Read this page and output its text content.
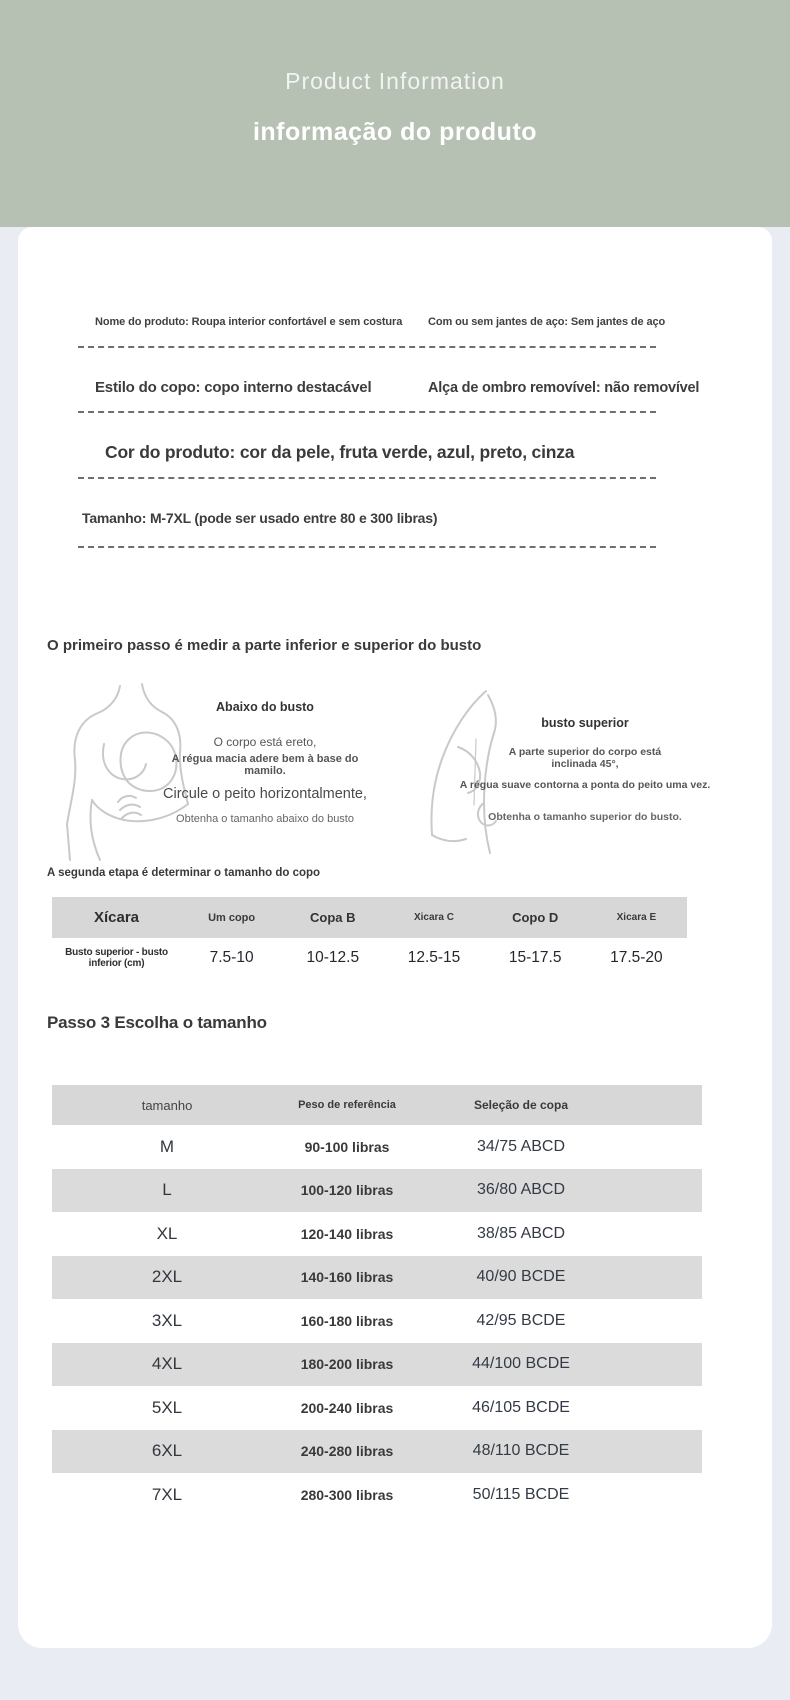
Product Information
informação do produto
Nome do produto: Roupa interior confortável e sem costura Com ou sem jantes de aço: Sem jantes de aço
Estilo do copo: copo interno destacável	Alça de ombro removível: não removível
Cor do produto: cor da pele, fruta verde, azul, preto, cinza
Tamanho: M-7XL (pode ser usado entre 80 e 300 libras)
O primeiro passo é medir a parte inferior e superior do busto
Abaixo do busto
O corpo está ereto,
A régua macia adere bem à base do mamilo.
Circule o peito horizontalmente,
Obtenha o tamanho abaixo do busto
busto superior
A parte superior do corpo está inclinada 45°,
A régua suave contorna a ponta do peito uma vez.
Obtenha o tamanho superior do busto.
A segunda etapa é determinar o tamanho do copo
Xícara	Um copo	Copa B	Xicara C	Copo D	Xicara E
Busto superior - busto inferior (cm)	7.5-10	10-12.5	12.5-15	15-17.5	17.5-20
Passo 3 Escolha o tamanho
tamanho	Peso de referência	Seleção de copa
M	90-100 libras	34/75 ABCD
L	100-120 libras	36/80 ABCD
XL	120-140 libras	38/85 ABCD
2XL	140-160 libras	40/90 BCDE
3XL	160-180 libras	42/95 BCDE
4XL	180-200 libras	44/100 BCDE
5XL	200-240 libras	46/105 BCDE
6XL	240-280 libras	48/110 BCDE
7XL	280-300 libras	50/115 BCDE
